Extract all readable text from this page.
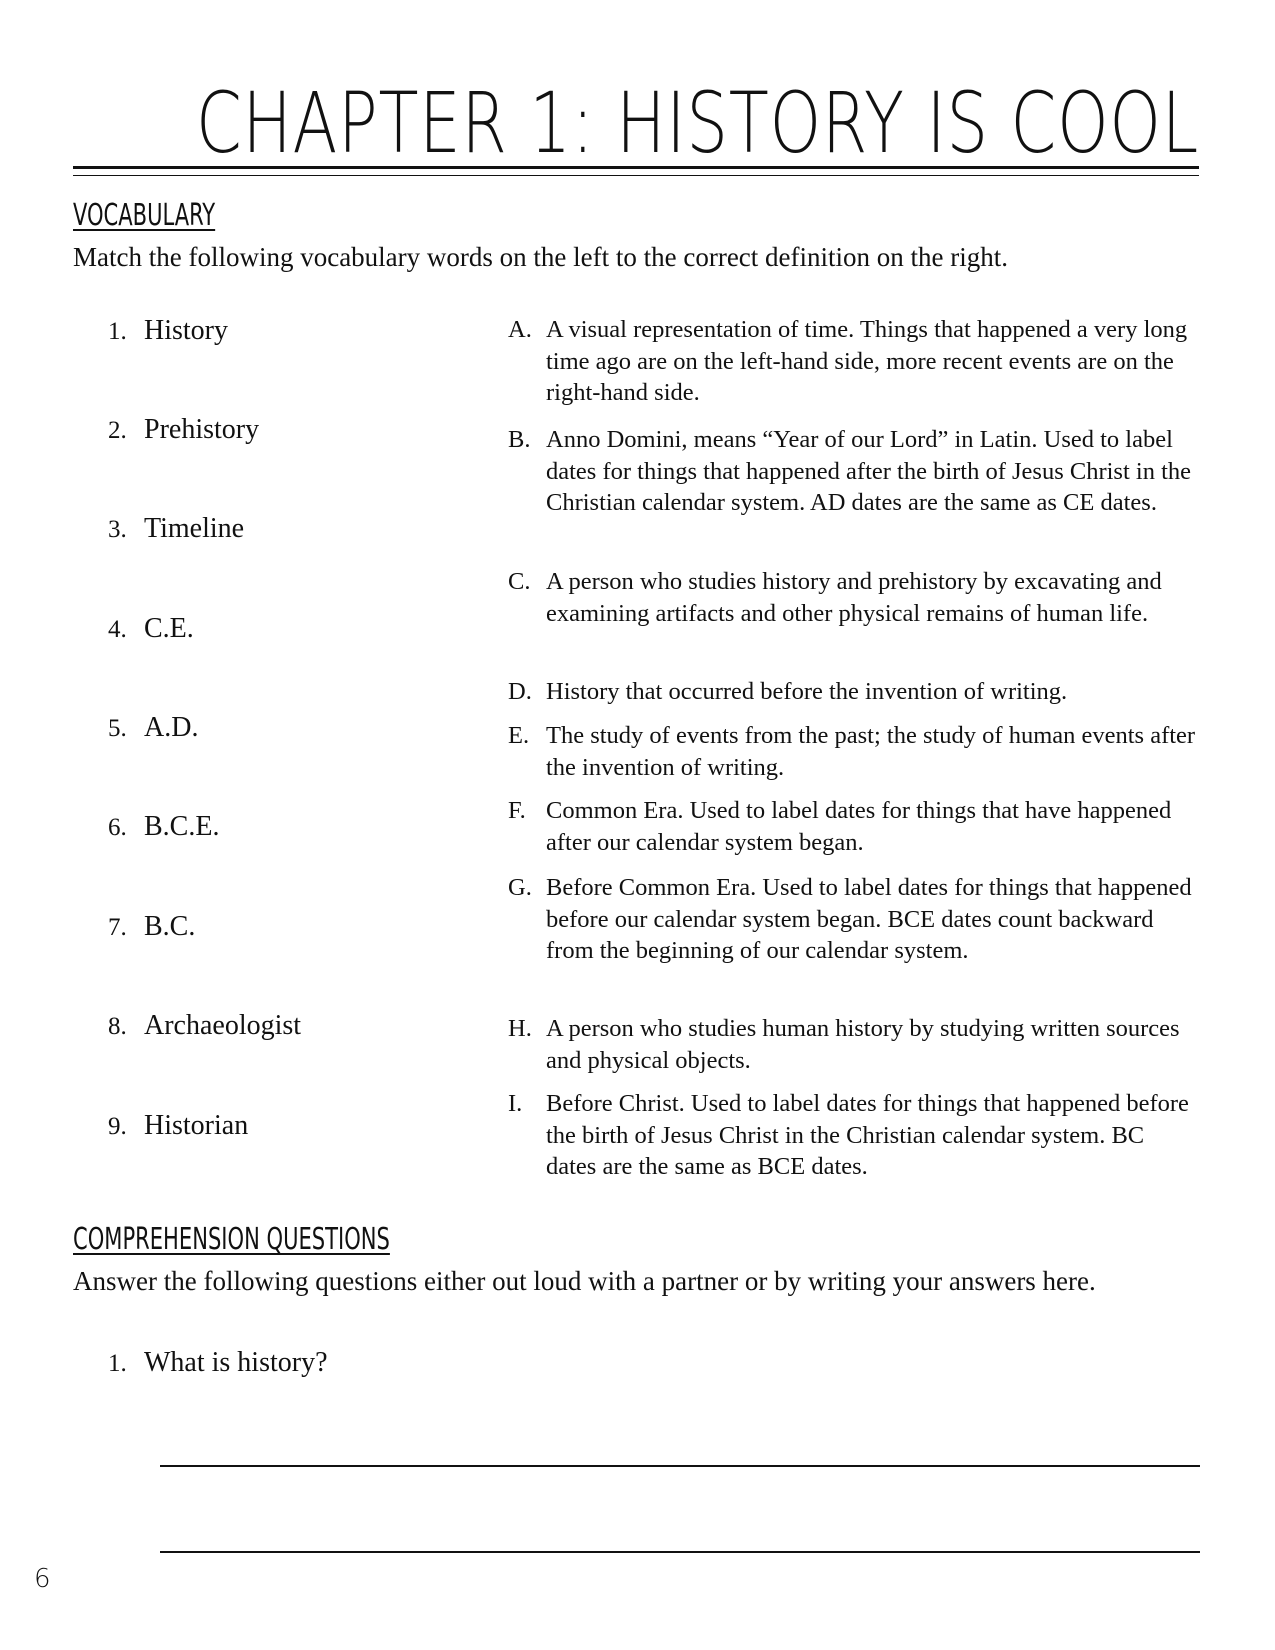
CHAPTER 1: HISTORY IS COOL
VOCABULARY

Match the following vocabulary words on the left to the correct definition on the right.

1. History
2. Prehistory
3. Timeline
4. C.E.
5. A.D.
6. B.C.E.
7. B.C.
8. Archaeologist
9. Historian
A. A visual representation of time. Things that happened a very long time ago are on the left-hand side, more recent events are on the right-hand side.
B. Anno Domini, means “Year of our Lord” in Latin. Used to label dates for things that happened after the birth of Jesus Christ in the Christian calendar system. AD dates are the same as CE dates.
C. A person who studies history and prehistory by excavating and examining artifacts and other physical remains of human life.
D. History that occurred before the invention of writing.
E. The study of events from the past; the study of human events after the invention of writing.
F. Common Era. Used to label dates for things that have happened after our calendar system began.
G. Before Common Era. Used to label dates for things that happened before our calendar system began. BCE dates count backward from the beginning of our calendar system.
H. A person who studies human history by studying written sources and physical objects.
I. Before Christ. Used to label dates for things that happened before the birth of Jesus Christ in the Christian calendar system. BC dates are the same as BCE dates.
COMPREHENSION QUESTIONS

Answer the following questions either out loud with a partner or by writing your answers here.

1. What is history?
6
